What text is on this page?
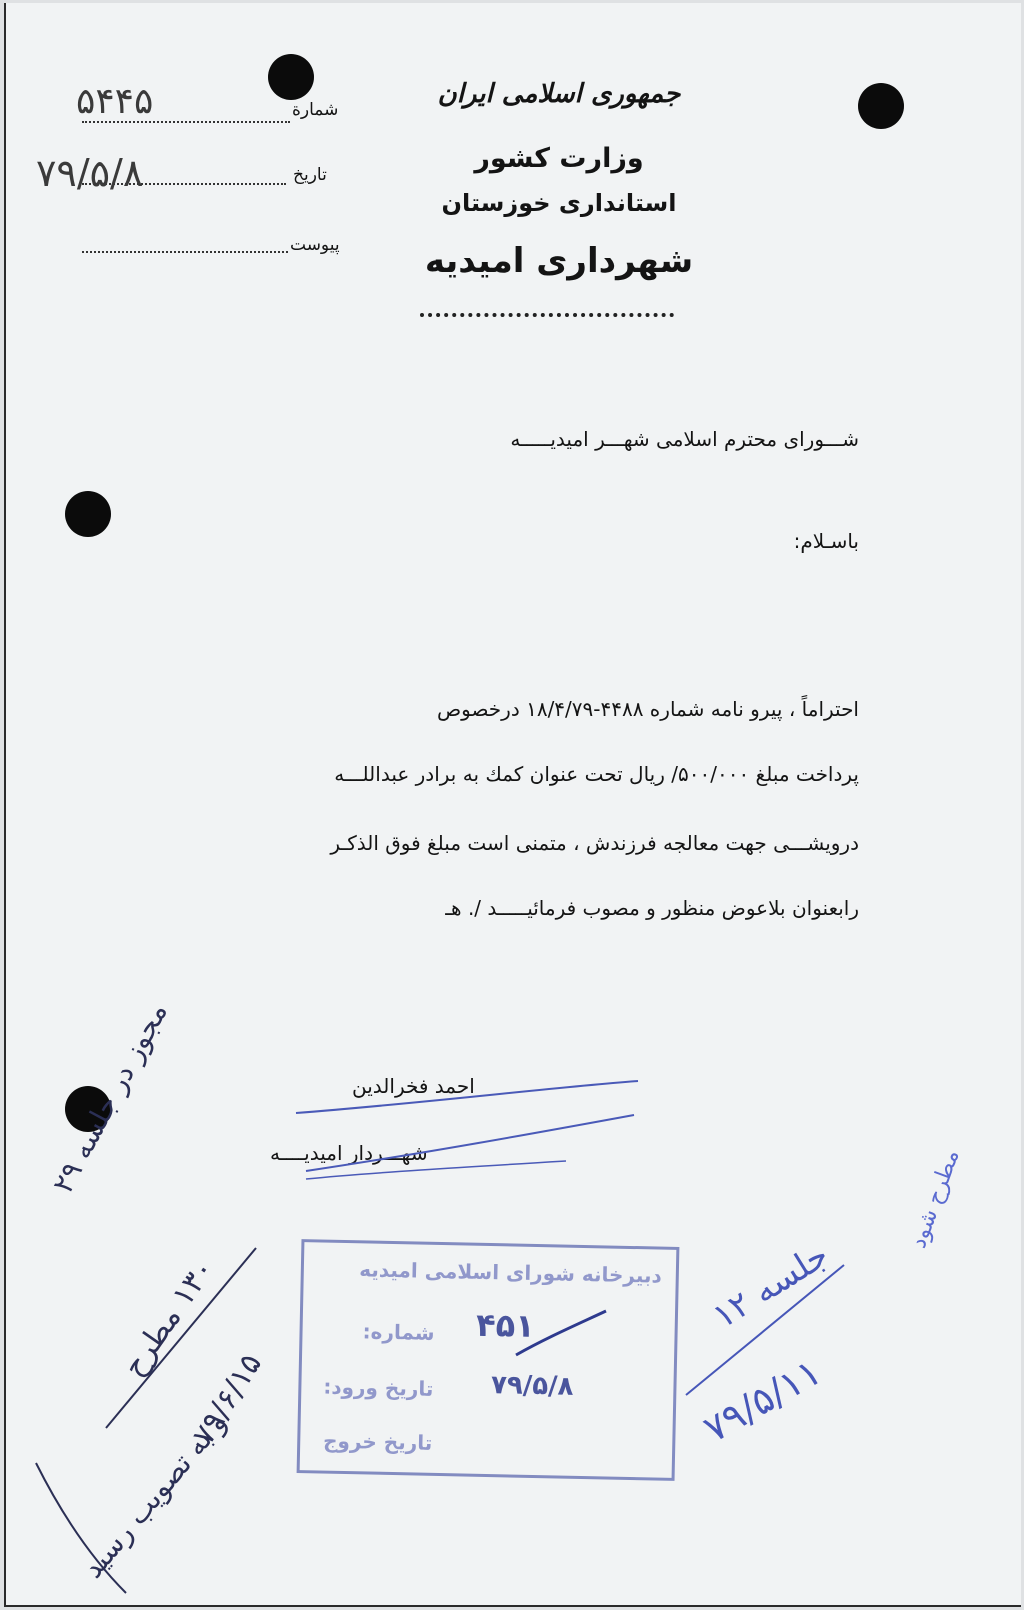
جمهوری اسلامی ایران
وزارت کشور
استانداری خوزستان
شهرداری امیدیه
شمارة
۵۴۴۵
تاریخ
۷۹/۵/۸
پیوست
شـــورای محترم اسلامی شهـــر امیدیـــــه
باسـلام:
احتراماً ، پیرو نامه شماره ۴۴۸۸-۱۸/۴/۷۹ درخصوص
پرداخت مبلغ ۵۰۰/۰۰۰/ ریال تحت عنوان کمك به برادر عبداللـــه
درویشـــی جهت معالجه فرزندش ، متمنی است مبلغ فوق الذکـر
رابعنوان بلاعوض منظور و مصوب فرمائیـــــد /. هـ
احمد فخرالدین
شهـــردار امیدیــــه
دبیرخانه شورای اسلامی امیدیه
شماره: ۴۵۱
تاریخ ورود: ۷۹/۵/۸
تاریخ خروج
مجوز در جلسه ۲۹
۱۳۰ مطرح
۷۹/۶/۱۵
و به تصویب رسید
جلسه ۱۲
۷۹/۵/۱۱
مطرح شود
